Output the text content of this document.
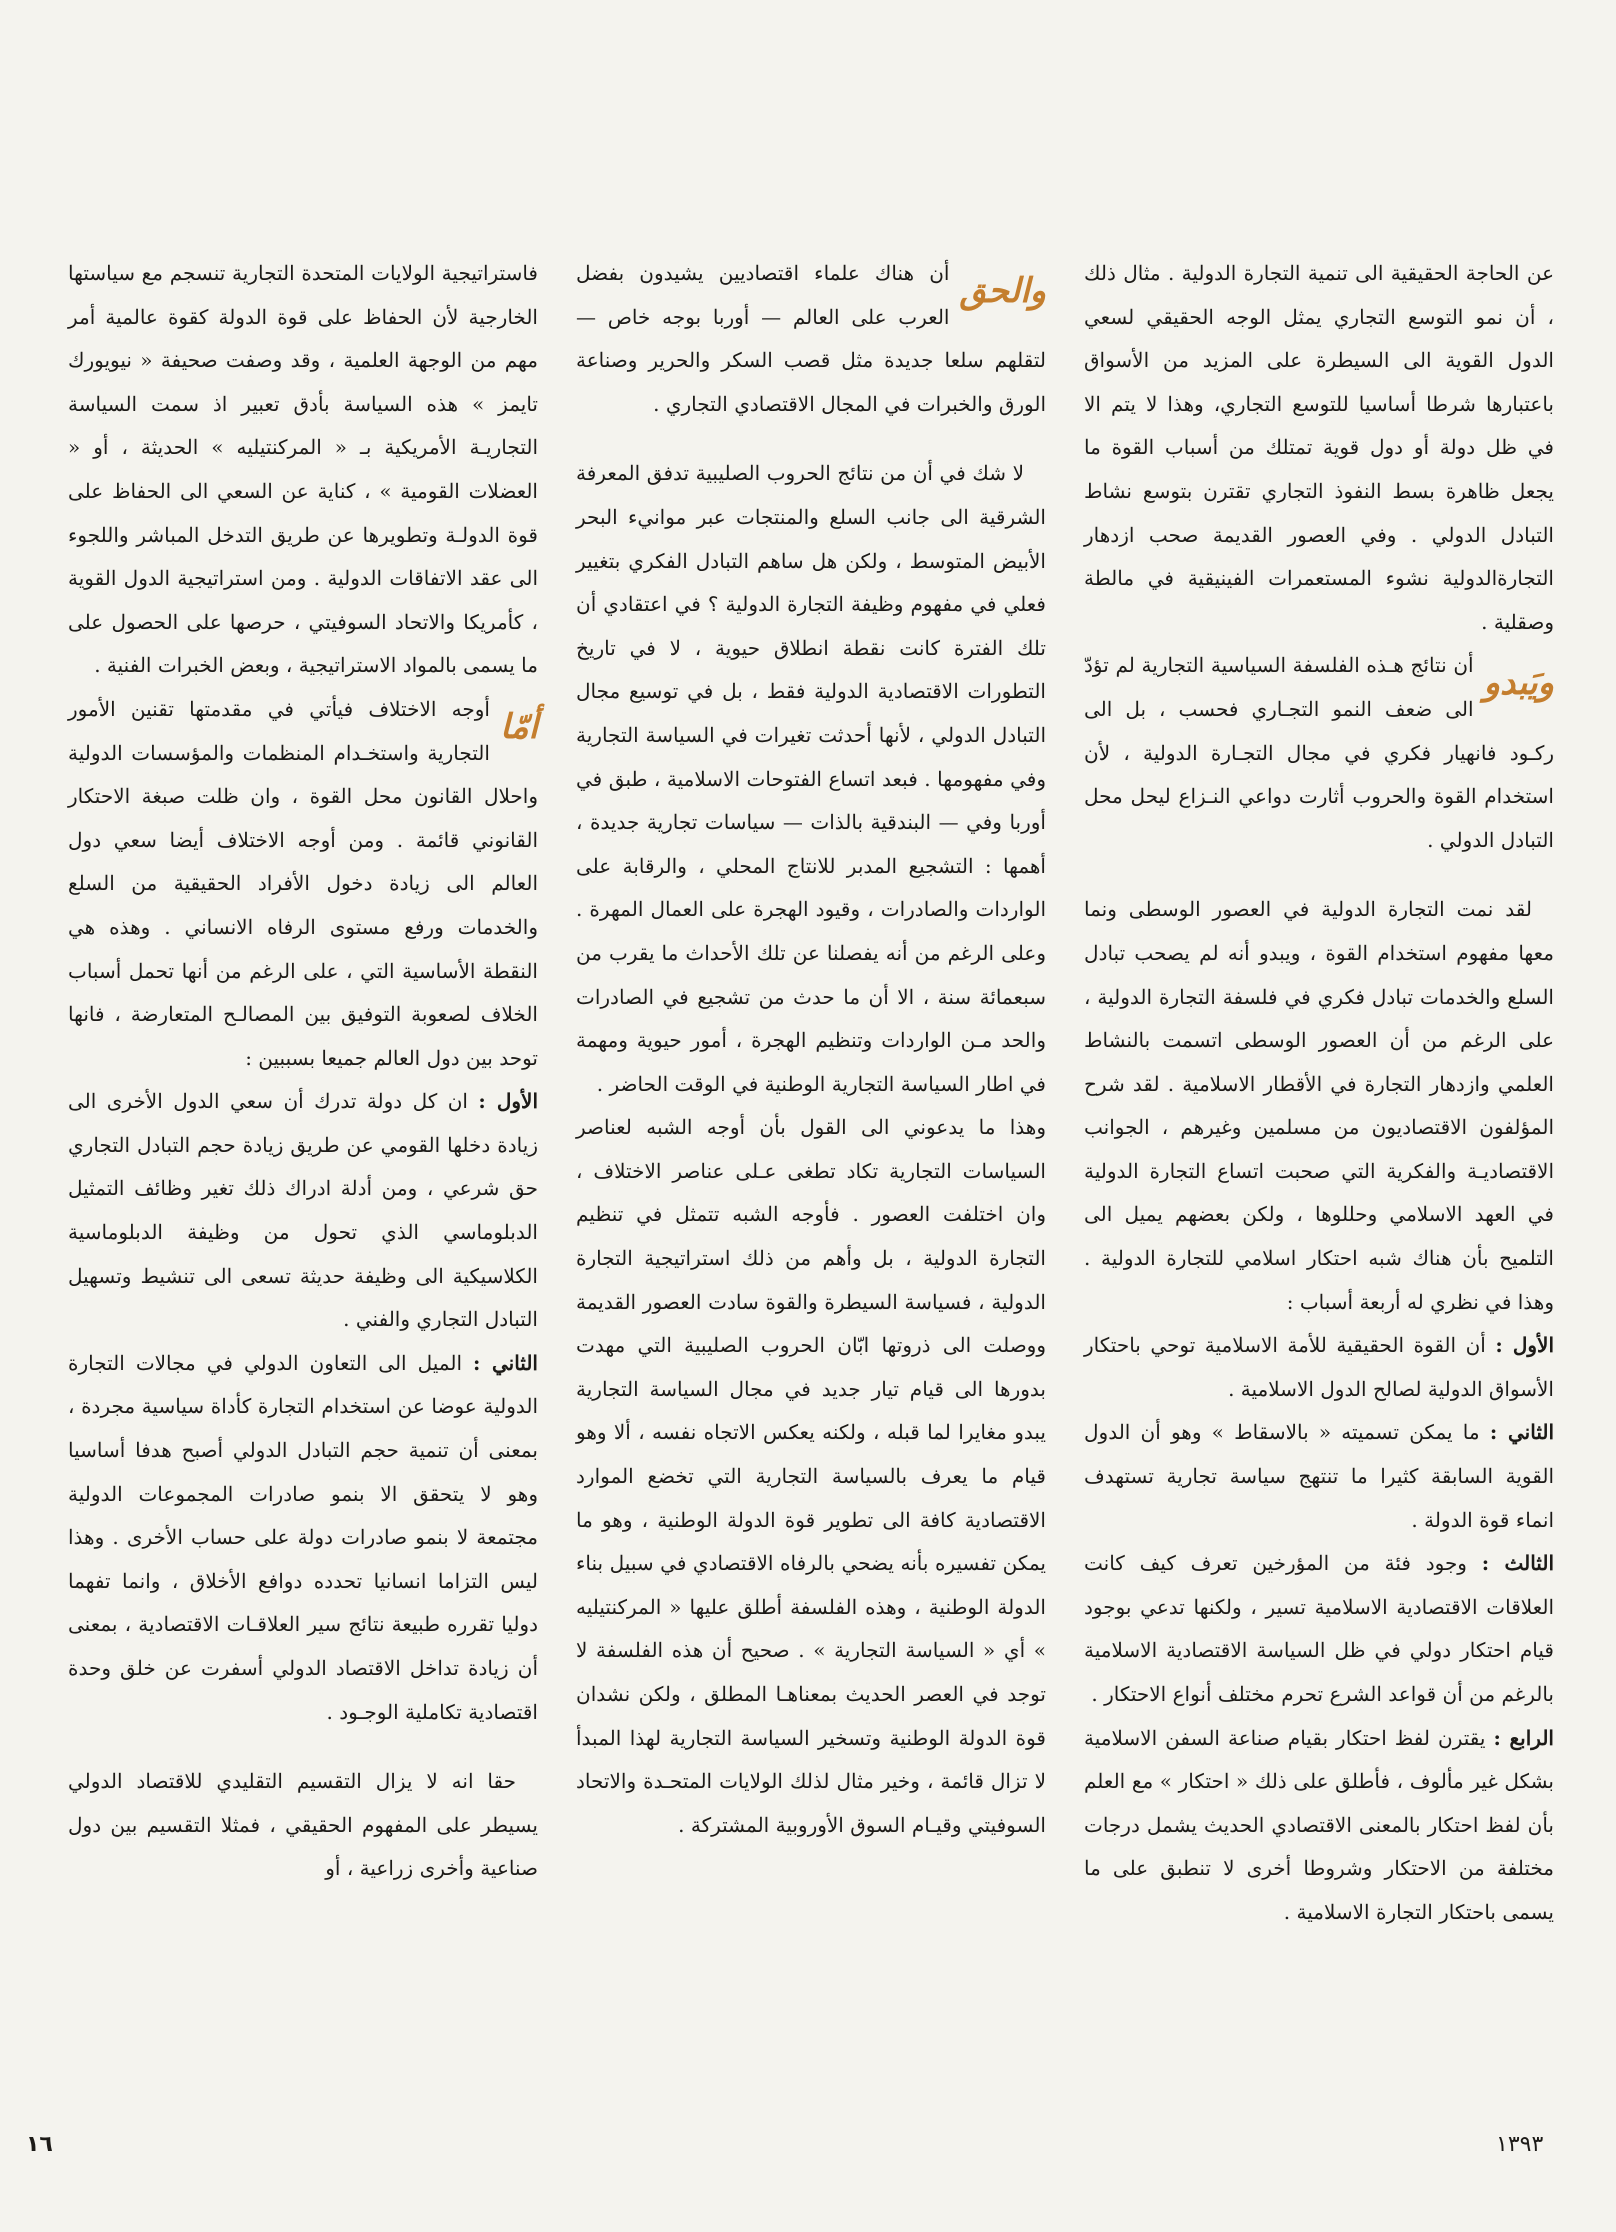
عن الحاجة الحقيقية الى تنمية التجارة الدولية . مثال ذلك ، أن نمو التوسع التجاري يمثل الوجه الحقيقي لسعي الدول القوية الى السيطرة على المزيد من الأسواق باعتبارها شرطا أساسيا للتوسع التجاري، وهذا لا يتم الا في ظل دولة أو دول قوية تمتلك من أسباب القوة ما يجعل ظاهرة بسط النفوذ التجاري تقترن بتوسع نشاط التبادل الدولي . وفي العصور القديمة صحب ازدهار التجارةالدولية نشوء المستعمرات الفينيقية في مالطة وصقلية .

ويَبدو
أن نتائج هـذه الفلسفة السياسية التجارية لم تؤدّ الى ضعف النمو التجـاري فحسب ، بل الى ركـود فانهيار فكري في مجال التجـارة الدولية ، لأن استخدام القوة والحروب أثارت دواعي النـزاع ليحل محل التبادل الدولي .

لقد نمت التجارة الدولية في العصور الوسطى ونما معها مفهوم استخدام القوة ، ويبدو أنه لم يصحب تبادل السلع والخدمات تبادل فكري في فلسفة التجارة الدولية ، على الرغم من أن العصور الوسطى اتسمت بالنشاط العلمي وازدهار التجارة في الأقطار الاسلامية . لقد شرح المؤلفون الاقتصاديون من مسلمين وغيرهم ، الجوانب الاقتصاديـة والفكرية التي صحبت اتساع التجارة الدولية في العهد الاسلامي وحللوها ، ولكن بعضهم يميل الى التلميح بأن هناك شبه احتكار اسلامي للتجارة الدولية . وهذا في نظري له أربعة أسباب :

الأول : أن القوة الحقيقية للأمة الاسلامية توحي باحتكار الأسواق الدولية لصالح الدول الاسلامية .

الثاني : ما يمكن تسميته « بالاسقاط » وهو أن الدول القوية السابقة كثيرا ما تنتهج سياسة تجارية تستهدف انماء قوة الدولة .

الثالث : وجود فئة من المؤرخين تعرف كيف كانت العلاقات الاقتصادية الاسلامية تسير ، ولكنها تدعي بوجود قيام احتكار دولي في ظل السياسة الاقتصادية الاسلامية بالرغم من أن قواعد الشرع تحرم مختلف أنواع الاحتكار .

الرابع : يقترن لفظ احتكار بقيام صناعة السفن الاسلامية بشكل غير مألوف ، فأطلق على ذلك « احتكار » مع العلم بأن لفظ احتكار بالمعنى الاقتصادي الحديث يشمل درجات مختلفة من الاحتكار وشروطا أخرى لا تنطبق على ما يسمى باحتكار التجارة الاسلامية .

والحق
أن هناك علماء اقتصاديين يشيدون بفضل العرب على العالم — أوربا بوجه خاص — لتقلهم سلعا جديدة مثل قصب السكر والحرير وصناعة الورق والخبرات في المجال الاقتصادي التجاري .

لا شك في أن من نتائج الحروب الصليبية تدفق المعرفة الشرقية الى جانب السلع والمنتجات عبر موانيء البحر الأبيض المتوسط ، ولكن هل ساهم التبادل الفكري بتغيير فعلي في مفهوم وظيفة التجارة الدولية ؟ في اعتقادي أن تلك الفترة كانت نقطة انطلاق حيوية ، لا في تاريخ التطورات الاقتصادية الدولية فقط ، بل في توسيع مجال التبادل الدولي ، لأنها أحدثت تغيرات في السياسة التجارية وفي مفهومها . فبعد اتساع الفتوحات الاسلامية ، طبق في أوربا وفي — البندقية بالذات — سياسات تجارية جديدة ، أهمها : التشجيع المدبر للانتاج المحلي ، والرقابة على الواردات والصادرات ، وقيود الهجرة على العمال المهرة . وعلى الرغم من أنه يفصلنا عن تلك الأحداث ما يقرب من سبعمائة سنة ، الا أن ما حدث من تشجيع في الصادرات والحد مـن الواردات وتنظيم الهجرة ، أمور حيوية ومهمة في اطار السياسة التجارية الوطنية في الوقت الحاضر .

وهذا ما يدعوني الى القول بأن أوجه الشبه لعناصر السياسات التجارية تكاد تطغى عـلى عناصر الاختلاف ، وان اختلفت العصور . فأوجه الشبه تتمثل في تنظيم التجارة الدولية ، بل وأهم من ذلك استراتيجية التجارة الدولية ، فسياسة السيطرة والقوة سادت العصور القديمة ووصلت الى ذروتها ابّان الحروب الصليبية التي مهدت بدورها الى قيام تيار جديد في مجال السياسة التجارية يبدو مغايرا لما قبله ، ولكنه يعكس الاتجاه نفسه ، ألا وهو قيام ما يعرف بالسياسة التجارية التي تخضع الموارد الاقتصادية كافة الى تطوير قوة الدولة الوطنية ، وهو ما يمكن تفسيره بأنه يضحي بالرفاه الاقتصادي في سبيل بناء الدولة الوطنية ، وهذه الفلسفة أطلق عليها « المركنتيليه » أي « السياسة التجارية » . صحيح أن هذه الفلسفة لا توجد في العصر الحديث بمعناهـا المطلق ، ولكن نشدان قوة الدولة الوطنية وتسخير السياسة التجارية لهذا المبدأ لا تزال قائمة ، وخير مثال لذلك الولايات المتحـدة والاتحاد السوفيتي وقيـام السوق الأوروبية المشتركة .

فاستراتيجية الولايات المتحدة التجارية تنسجم مع سياستها الخارجية لأن الحفاظ على قوة الدولة كقوة عالمية أمر مهم من الوجهة العلمية ، وقد وصفت صحيفة « نيويورك تايمز » هذه السياسة بأدق تعبير اذ سمت السياسة التجاريـة الأمريكية بـ « المركنتيليه » الحديثة ، أو « العضلات القومية » ، كناية عن السعي الى الحفاظ على قوة الدولـة وتطويرها عن طريق التدخل المباشر واللجوء الى عقد الاتفاقات الدولية . ومن استراتيجية الدول القوية ، كأمريكا والاتحاد السوفيتي ، حرصها على الحصول على ما يسمى بالمواد الاستراتيجية ، وبعض الخبرات الفنية .

أمّا
أوجه الاختلاف فيأتي في مقدمتها تقنين الأمور التجارية واستخـدام المنظمات والمؤسسات الدولية واحلال القانون محل القوة ، وان ظلت صبغة الاحتكار القانوني قائمة . ومن أوجه الاختلاف أيضا سعي دول العالم الى زيادة دخول الأفراد الحقيقية من السلع والخدمات ورفع مستوى الرفاه الانساني . وهذه هي النقطة الأساسية التي ، على الرغم من أنها تحمل أسباب الخلاف لصعوبة التوفيق بين المصالـح المتعارضة ، فانها توحد بين دول العالم جميعا بسببين :

الأول : ان كل دولة تدرك أن سعي الدول الأخرى الى زيادة دخلها القومي عن طريق زيادة حجم التبادل التجاري حق شرعي ، ومن أدلة ادراك ذلك تغير وظائف التمثيل الدبلوماسي الذي تحول من وظيفة الدبلوماسية الكلاسيكية الى وظيفة حديثة تسعى الى تنشيط وتسهيل التبادل التجاري والفني .

الثاني : الميل الى التعاون الدولي في مجالات التجارة الدولية عوضا عن استخدام التجارة كأداة سياسية مجردة ، بمعنى أن تنمية حجم التبادل الدولي أصبح هدفا أساسيا وهو لا يتحقق الا بنمو صادرات المجموعات الدولية مجتمعة لا بنمو صادرات دولة على حساب الأخرى . وهذا ليس التزاما انسانيا تحدده دوافع الأخلاق ، وانما تفهما دوليا تقرره طبيعة نتائج سير العلاقـات الاقتصادية ، بمعنى أن زيادة تداخل الاقتصاد الدولي أسفرت عن خلق وحدة اقتصادية تكاملية الوجـود .

حقا انه لا يزال التقسيم التقليدي للاقتصاد الدولي يسيطر على المفهوم الحقيقي ، فمثلا التقسيم بين دول صناعية وأخرى زراعية ، أو

١٦	١٣٩٣
